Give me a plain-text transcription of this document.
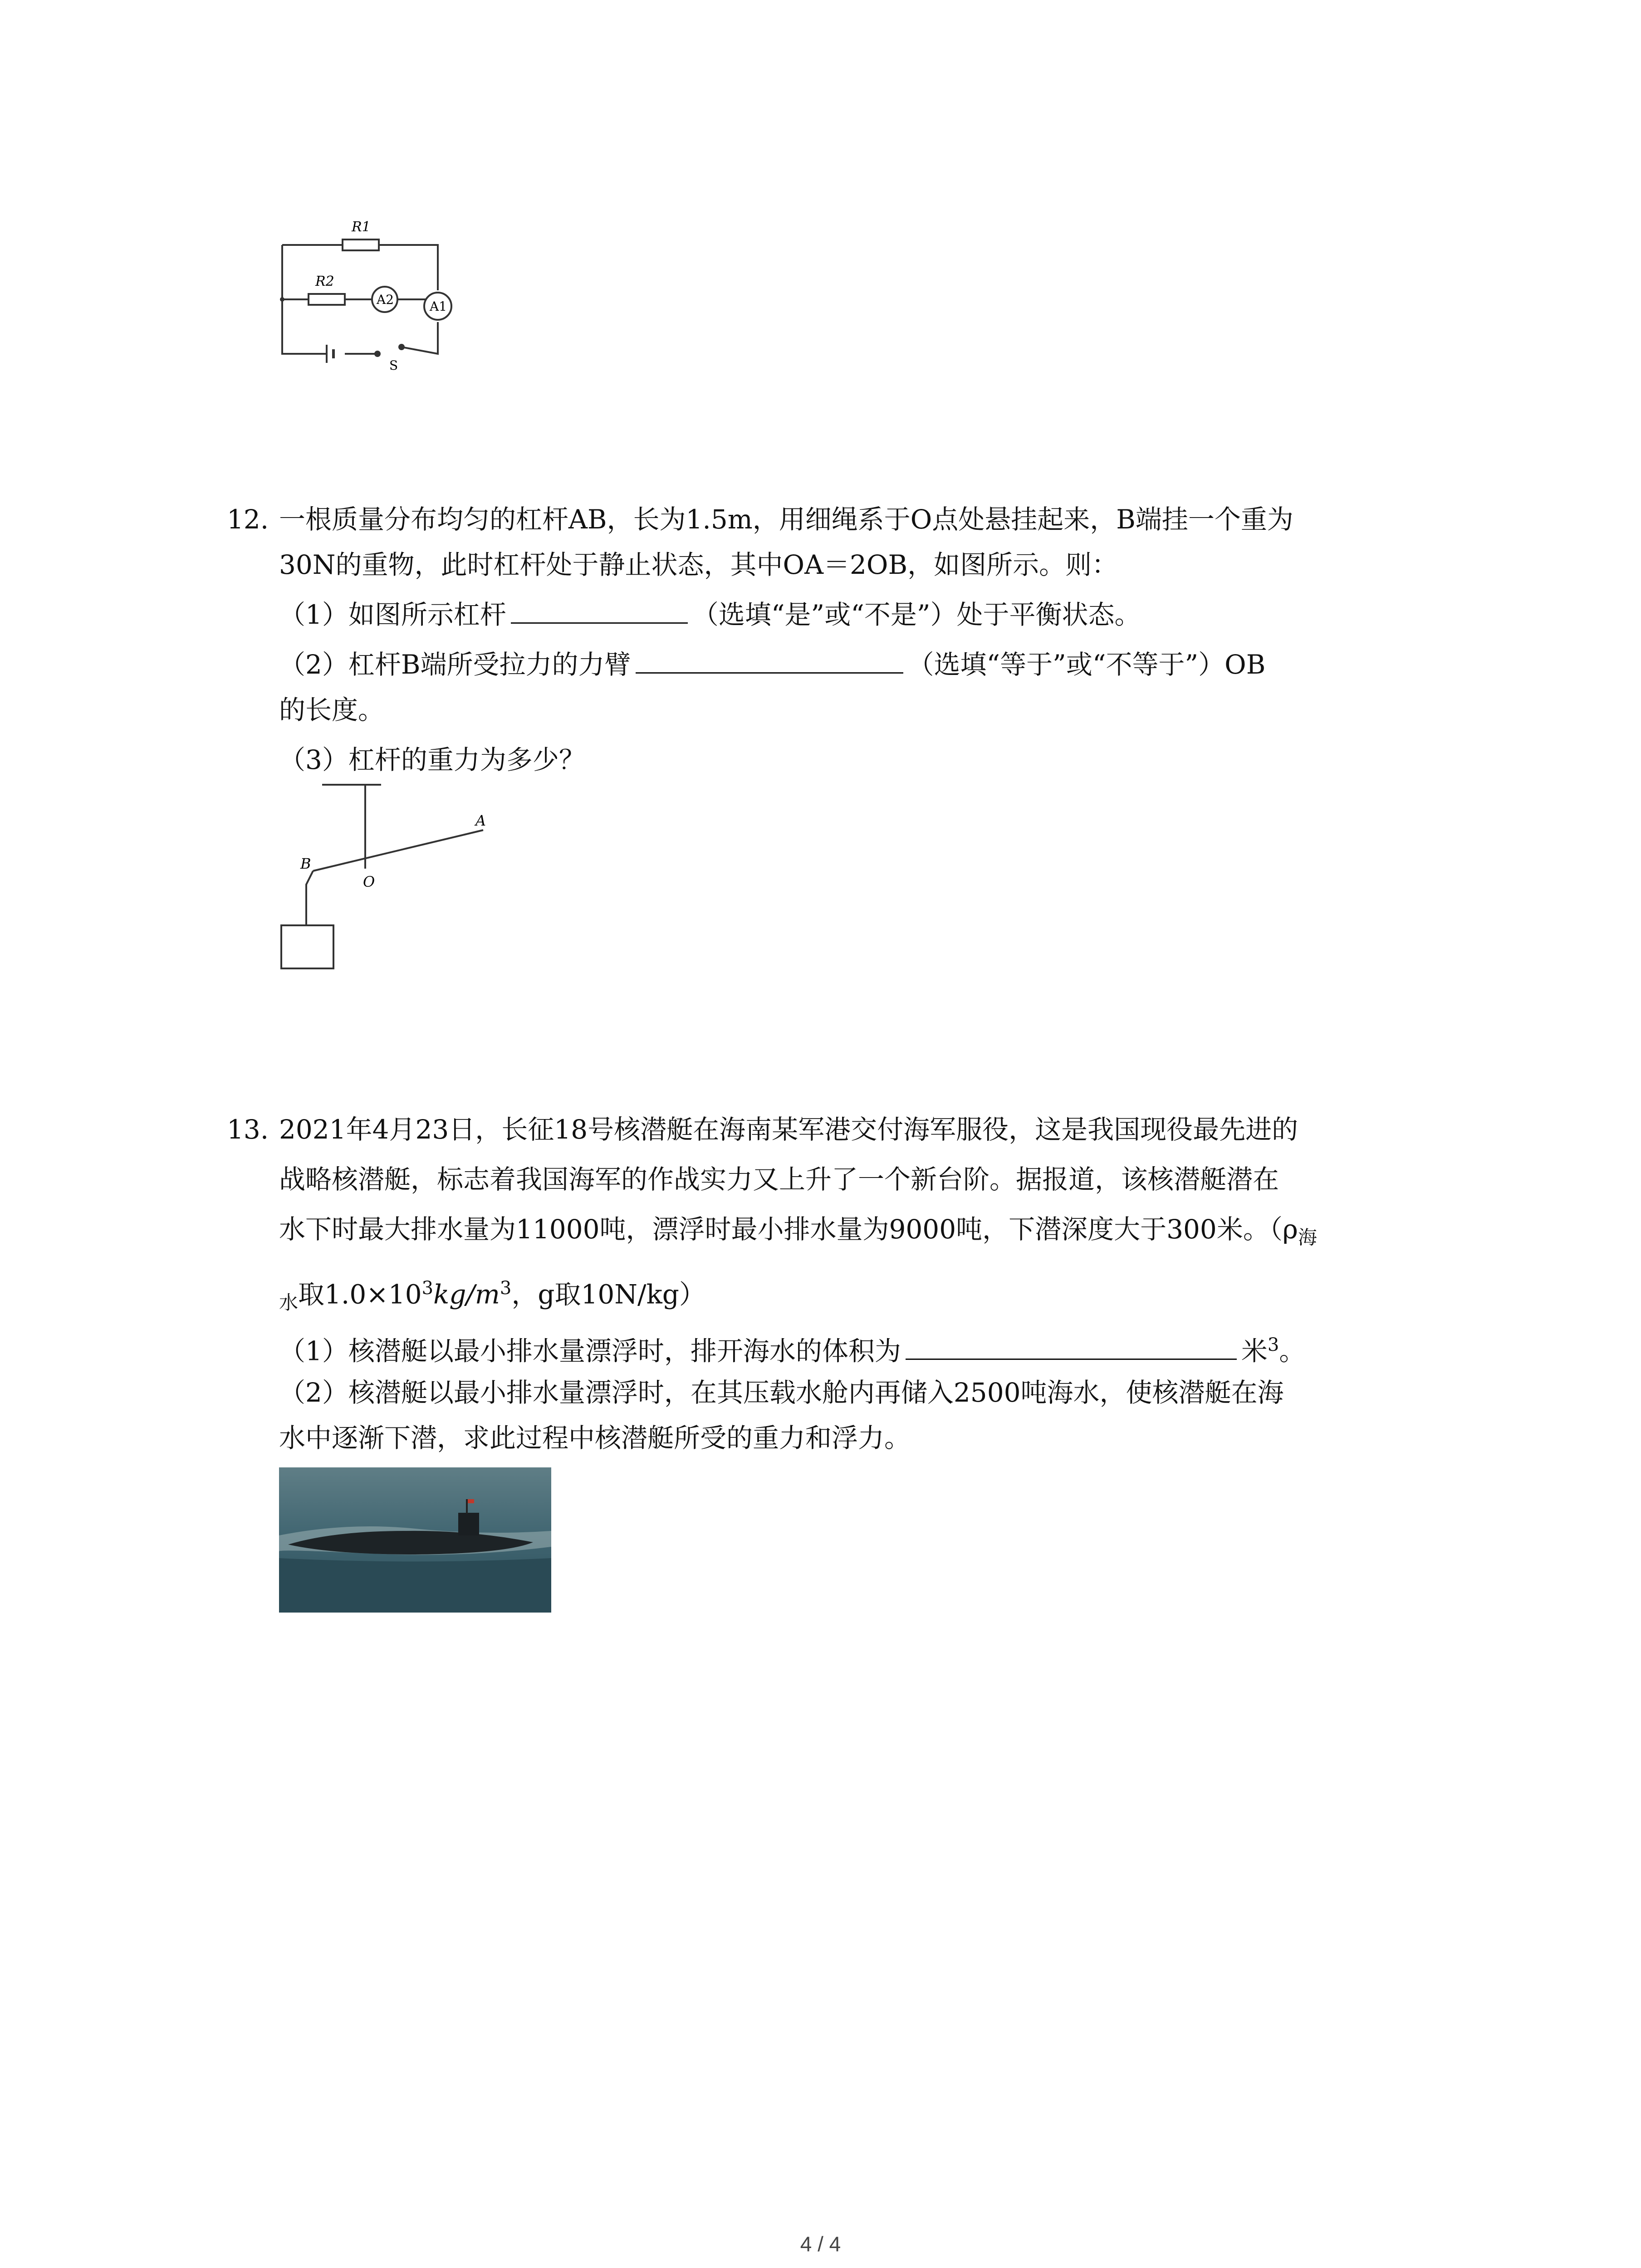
R1
R2
A2	A1
S
12. 一根质量分布均匀的杠杆AB，长为1.5m，用细绳系于O点处悬挂起来，B端挂一个重为
30N的重物，此时杠杆处于静止状态，其中OA＝2OB，如图所示。则：
（1）如图所示杠杆	（选填“是”或“不是”）处于平衡状态。
（2）杠杆B端所受拉力的力臂	（选填“等于”或“不等于”）OB
的长度。
（3）杠杆的重力为多少？
A
B
O
13. 2021年4月23日，长征18号核潜艇在海南某军港交付海军服役，这是我国现役最先进的
战略核潜艇，标志着我国海军的作战实力又上升了一个新台阶。据报道，该核潜艇潜在
水下时最大排水量为11000吨，漂浮时最小排水量为9000吨，下潜深度大于300米。（$\rho_海$
$_水$取$1.0\times 10^3kg/m^3$，g取10N/kg）
（1）核潜艇以最小排水量漂浮时，排开海水的体积为	米$^3$。
（2）核潜艇以最小排水量漂浮时，在其压载水舱内再储入2500吨海水，使核潜艇在海
水中逐渐下潜，求此过程中核潜艇所受的重力和浮力。
4 / 4
